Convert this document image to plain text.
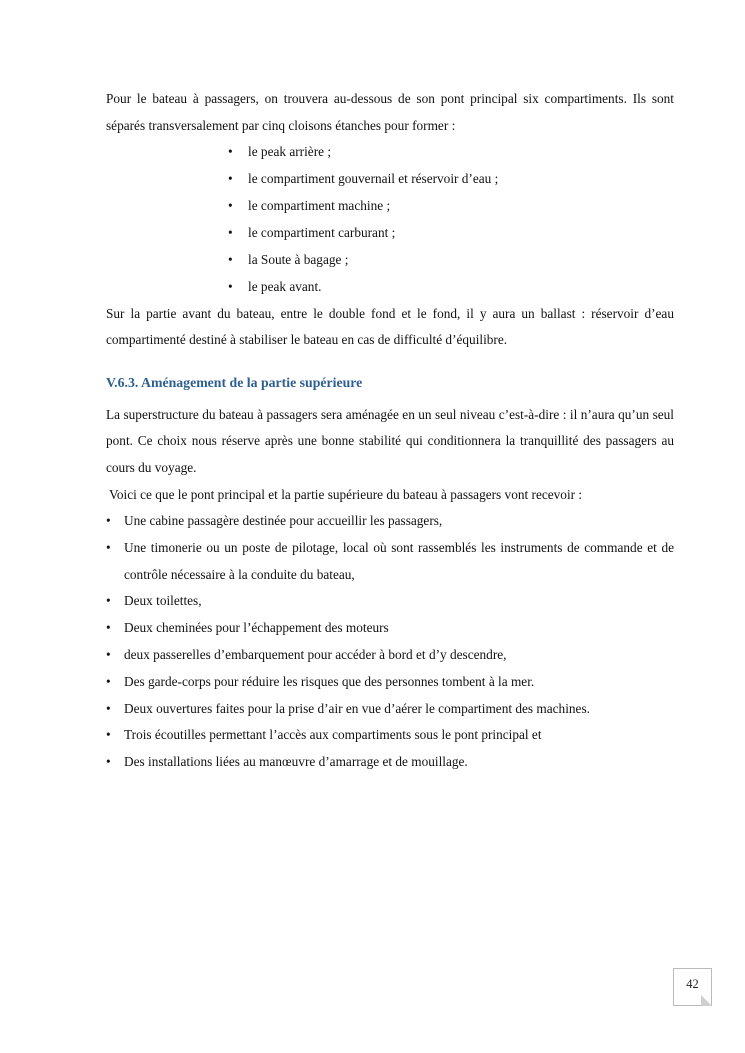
Pour le bateau à passagers, on trouvera au-dessous de son pont principal six compartiments. Ils sont séparés transversalement par cinq cloisons étanches pour former :

• le peak arrière ;
• le compartiment gouvernail et réservoir d’eau ;
• le compartiment machine ;
• le compartiment carburant ;
• la Soute à bagage ;
• le peak avant.

Sur la partie avant du bateau, entre le double fond et le fond, il y aura un ballast : réservoir d’eau compartimenté destiné à stabiliser le bateau en cas de difficulté d’équilibre.

V.6.3. Aménagement de la partie supérieure

La superstructure du bateau à passagers sera aménagée en un seul niveau c’est-à-dire : il n’aura qu’un seul pont. Ce choix nous réserve après une bonne stabilité qui conditionnera la tranquillité des passagers au cours du voyage.

Voici ce que le pont principal et la partie supérieure du bateau à passagers vont recevoir :

• Une cabine passagère destinée pour accueillir les passagers,
• Une timonerie ou un poste de pilotage, local où sont rassemblés les instruments de commande et de contrôle nécessaire à la conduite du bateau,
• Deux toilettes,
• Deux cheminées pour l’échappement des moteurs
• deux passerelles d’embarquement pour accéder à bord et d’y descendre,
• Des garde-corps pour réduire les risques que des personnes tombent à la mer.
• Deux ouvertures faites pour la prise d’air en vue d’aérer le compartiment des machines.
• Trois écoutilles permettant l’accès aux compartiments sous le pont principal et
• Des installations liées au manœuvre d’amarrage et de mouillage.
42
